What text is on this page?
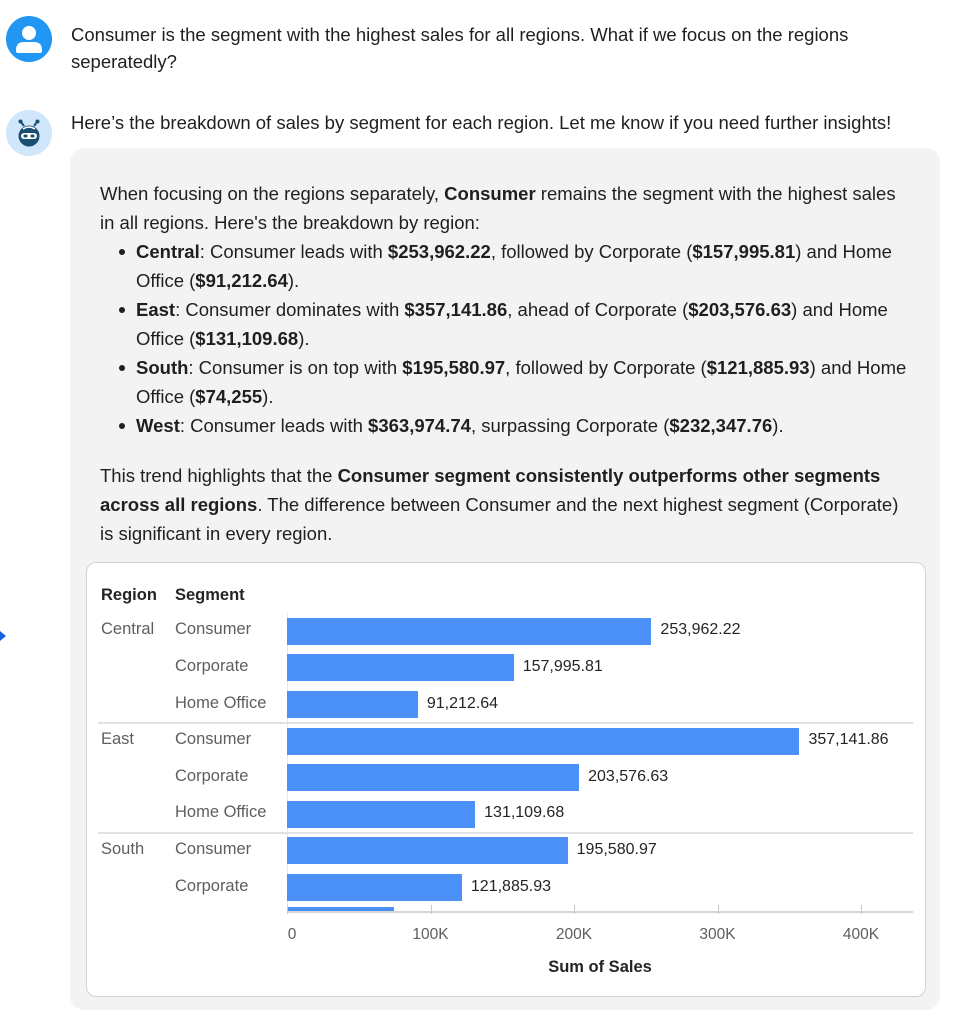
Consumer is the segment with the highest sales for all regions. What if we focus on the regions seperatedly?
Here’s the breakdown of sales by segment for each region. Let me know if you need further insights!
When focusing on the regions separately, Consumer remains the segment with the highest sales in all regions. Here's the breakdown by region:
Central: Consumer leads with $253,962.22, followed by Corporate ($157,995.81) and Home Office ($91,212.64).
East: Consumer dominates with $357,141.86, ahead of Corporate ($203,576.63) and Home Office ($131,109.68).
South: Consumer is on top with $195,580.97, followed by Corporate ($121,885.93) and Home Office ($74,255).
West: Consumer leads with $363,974.74, surpassing Corporate ($232,347.76).
This trend highlights that the Consumer segment consistently outperforms other segments across all regions. The difference between Consumer and the next highest segment (Corporate) is significant in every region.
Region Segment
Central Consumer	253,962.22
Corporate	157,995.81
Home Office	91,212.64
East Consumer	357,141.86
Corporate	203,576.63
Home Office	131,109.68
South Consumer	195,580.97
Corporate	121,885.93
0	100K	200K	300K	400K
Sum of Sales
